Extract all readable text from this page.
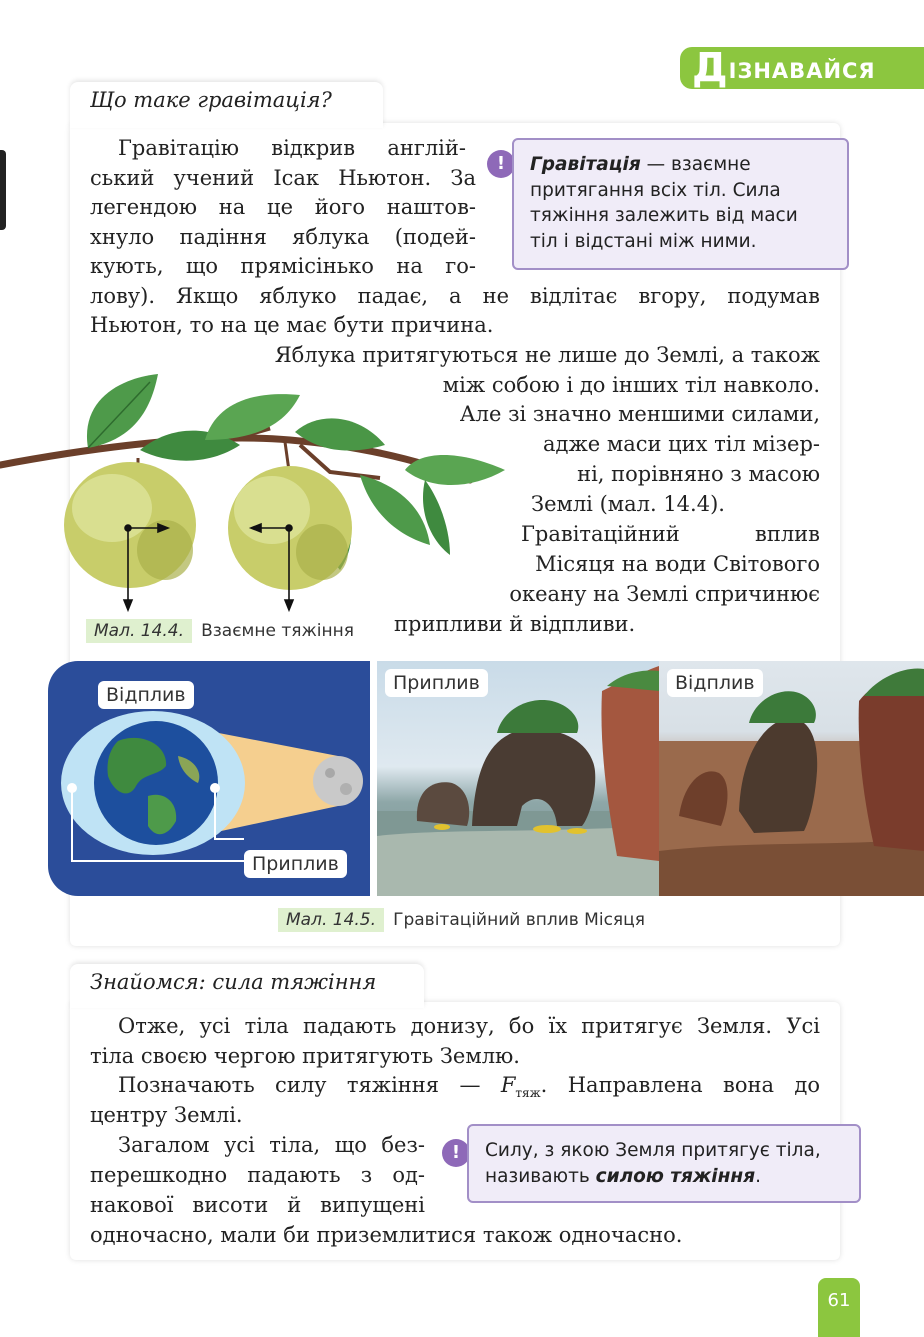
Д ІЗНАВАЙСЯ
Що таке гравітація?

Гравітацію відкрив англій-

ський учений Ісак Ньютон. За

легендою на це його наштов-

хнуло падіння яблука (подей-

кують, що прямісінько на го-

лову). Якщо яблуко падає, а не відлітає вгору, подумав

Ньютон, то на це має бути причина.

Яблука притягуються не лише до Землі, а також

між собою і до інших тіл навколо.

Але зі значно меншими силами,

адже маси цих тіл мізер-

ні, порівняно з масою

Землі (мал. 14.4).

Гравітаційний вплив

Місяця на води Світового

океану на Землі спричинює

припливи й відпливи.

!	Гравітація — взаємне притягання всіх тіл. Сила тяжіння залежить від маси тіл і відстані між ними.
Мал. 14.4. Взаємне тяжіння
Відплив
Приплив
Приплив	Відплив
Мал. 14.5. Гравітаційний вплив Місяця
Знайомся: сила тяжіння

Отже, усі тіла падають донизу, бо їх притягує Земля. Усі

тіла своєю чергою притягують Землю.

Позначають силу тяжіння — $F_{тяж}$. Направлена вона до

центру Землі.

Загалом усі тіла, що без-

перешкодно падають з од-

накової висоти й випущені

одночасно, мали би приземлитися також одночасно.

!	Силу, з якою Земля притягує тіла, називають силою тяжіння.
61
